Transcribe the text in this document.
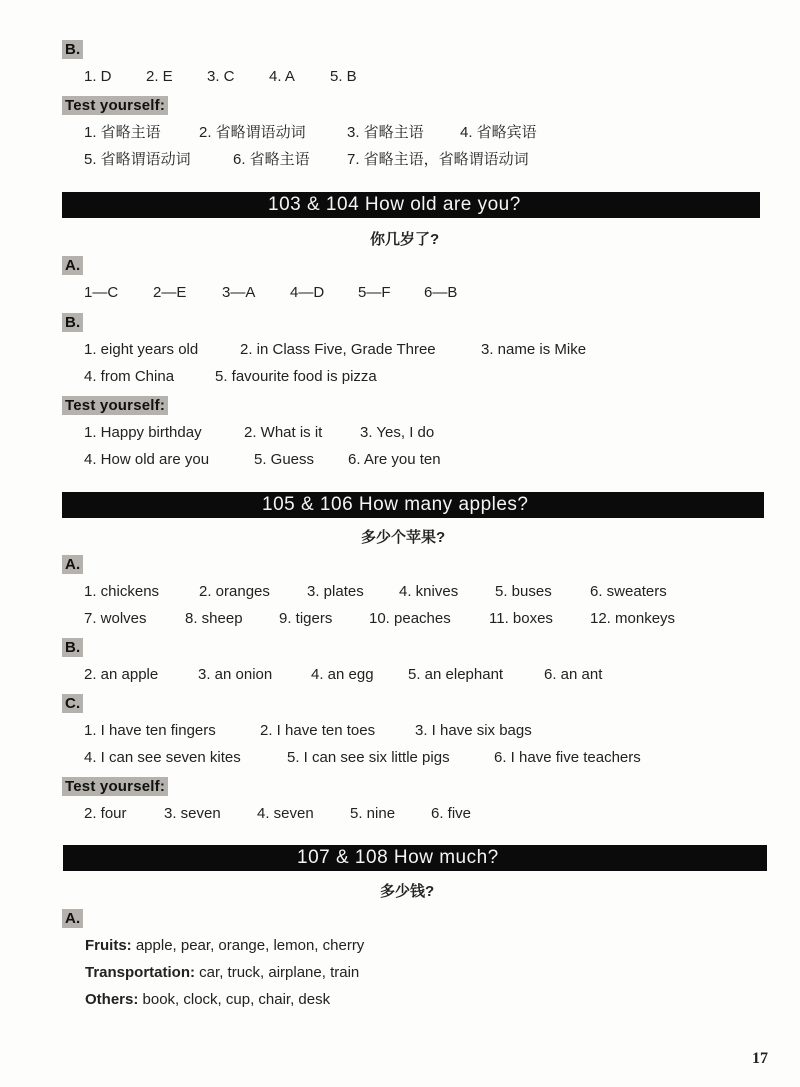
B.
1. D 2. E 3. C 4. A 5. B
Test yourself:
1. 省略主语	2. 省略谓语动词	3. 省略主语 4. 省略宾语
5. 省略谓语动词	6. 省略主语 7. 省略主语，省略谓语动词
103 & 104 How old are you?
你几岁了?
A.
1—C 2—E 3—A 4—D 5—F 6—B
B.
1. eight years old	2. in Class Five, Grade Three	3. name is Mike
4. from China	5. favourite food is pizza
Test yourself:
1. Happy birthday	2. What is it	3. Yes, I do
4. How old are you	5. Guess 6. Are you ten
105 & 106 How many apples?
多少个苹果?
A.
1. chickens	2. oranges 3. plates 4. knives 5. buses	6. sweaters
7. wolves	8. sheep 9. tigers 10. peaches	11. boxes 12. monkeys
B.
2. an apple	3. an onion	4. an egg 5. an elephant	6. an ant
C.
1. I have ten fingers	2. I have ten toes	3. I have six bags
4. I can see seven kites	5. I can see six little pigs	6. I have five teachers
Test yourself:
2. four 3. seven 4. seven 5. nine 6. five
107 & 108 How much?
多少钱?
A.
Fruits: apple, pear, orange, lemon, cherry
Transportation: car, truck, airplane, train
Others: book, clock, cup, chair, desk
17
